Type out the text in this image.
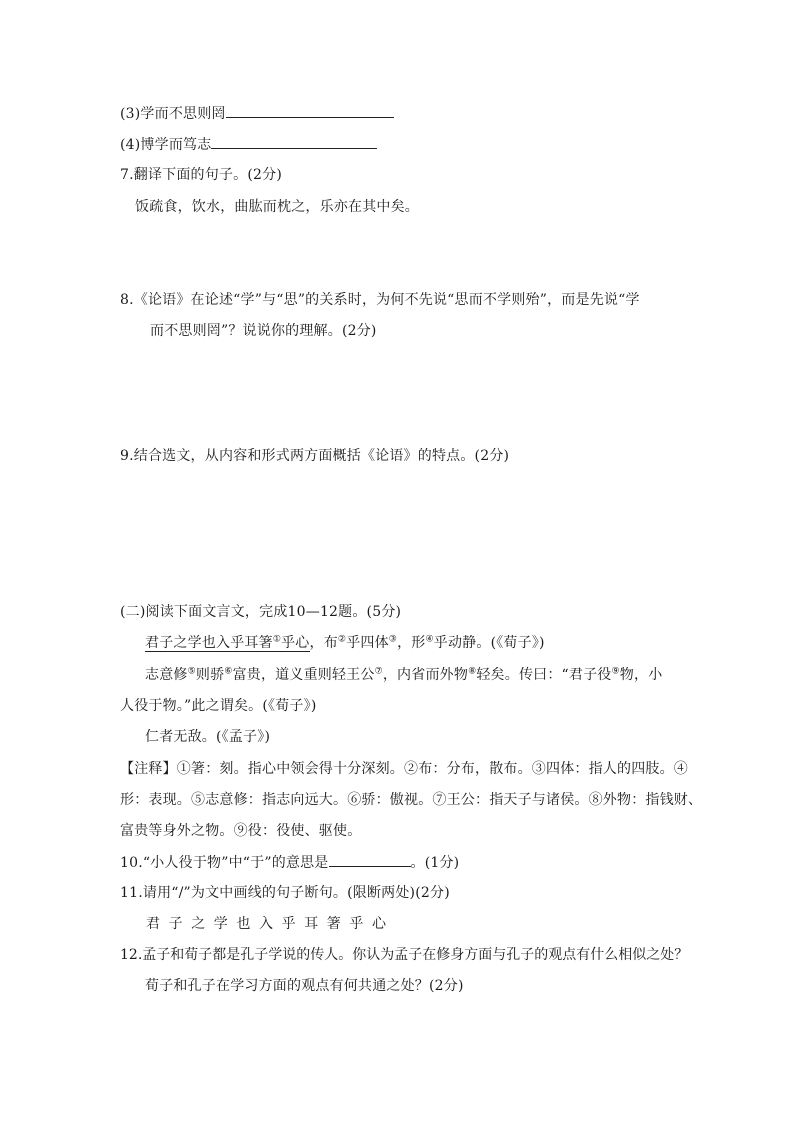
(3)学而不思则罔
(4)博学而笃志
7.翻译下面的句子。(2分)
饭疏食，饮水，曲肱而枕之，乐亦在其中矣。
8.《论语》在论述“学”与“思”的关系时，为何不先说“思而不学则殆”，而是先说“学
而不思则罔”？说说你的理解。(2分)
9.结合选文，从内容和形式两方面概括《论语》的特点。(2分)
(二)阅读下面文言文，完成10—12题。(5分)
君子之学也入乎耳箸①乎心，布②乎四体③，形④乎动静。(《荀子》)
志意修⑤则骄⑥富贵，道义重则轻王公⑦，内省而外物⑧轻矣。传曰：“君子役⑨物，小
人役于物。”此之谓矣。(《荀子》)
仁者无敌。(《孟子》)
【注释】①箸：刻。指心中领会得十分深刻。②布：分布，散布。③四体：指人的四肢。④
形：表现。⑤志意修：指志向远大。⑥骄：傲视。⑦王公：指天子与诸侯。⑧外物：指钱财、
富贵等身外之物。⑨役：役使、驱使。
10.“小人役于物”中“于”的意思是	。(1分)
11.请用“/”为文中画线的句子断句。(限断两处)(2分)
君子之学也入乎耳箸乎心
12.孟子和荀子都是孔子学说的传人。你认为孟子在修身方面与孔子的观点有什么相似之处？
荀子和孔子在学习方面的观点有何共通之处？(2分)
